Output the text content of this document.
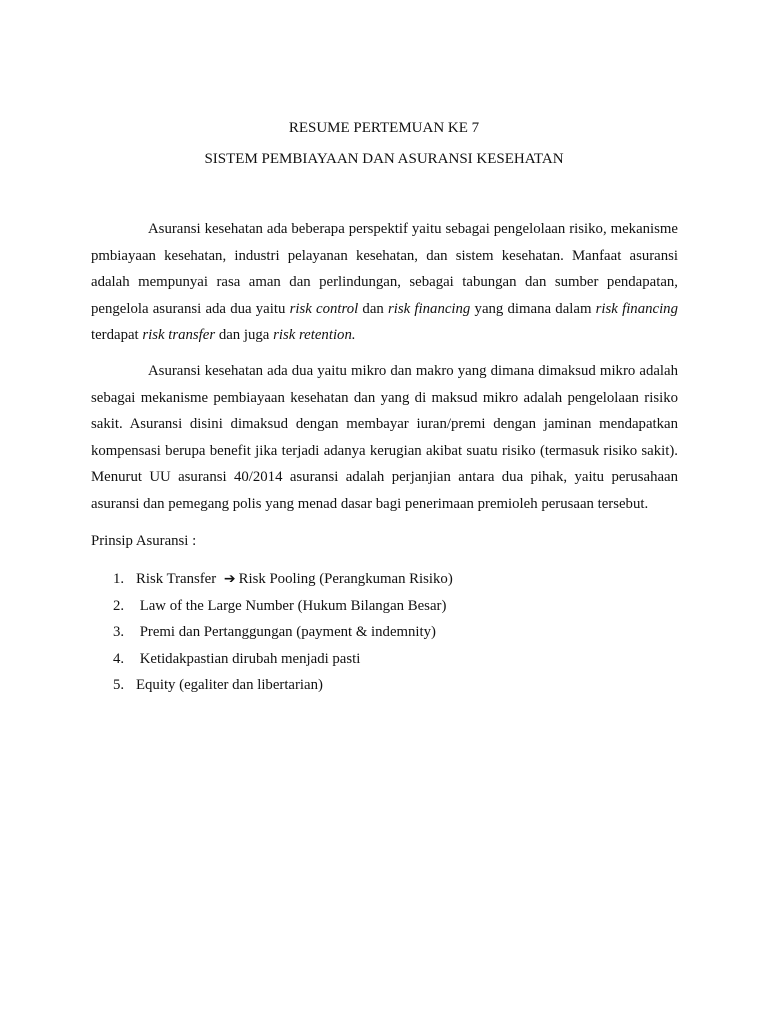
RESUME PERTEMUAN KE 7

SISTEM PEMBIAYAAN DAN ASURANSI KESEHATAN

Asuransi kesehatan ada beberapa perspektif yaitu sebagai pengelolaan risiko, mekanisme pmbiayaan kesehatan, industri pelayanan kesehatan, dan sistem kesehatan. Manfaat asuransi adalah mempunyai rasa aman dan perlindungan, sebagai tabungan dan sumber pendapatan, pengelola asuransi ada dua yaitu risk control dan risk financing yang dimana dalam risk financing terdapat risk transfer dan juga risk retention.

Asuransi kesehatan ada dua yaitu mikro dan makro yang dimana dimaksud mikro adalah sebagai mekanisme pembiayaan kesehatan dan yang di maksud mikro adalah pengelolaan risiko sakit. Asuransi disini dimaksud dengan membayar iuran/premi dengan jaminan mendapatkan kompensasi berupa benefit jika terjadi adanya kerugian akibat suatu risiko (termasuk risiko sakit). Menurut UU asuransi 40/2014 asuransi adalah perjanjian antara dua pihak, yaitu perusahaan asuransi dan pemegang polis yang menad dasar bagi penerimaan premioleh perusaan tersebut.

Prinsip Asuransi :

1. Risk Transfer ➔ Risk Pooling (Perangkuman Risiko)
2. Law of the Large Number (Hukum Bilangan Besar)
3. Premi dan Pertanggungan (payment & indemnity)
4. Ketidakpastian dirubah menjadi pasti
5. Equity (egaliter dan libertarian)
